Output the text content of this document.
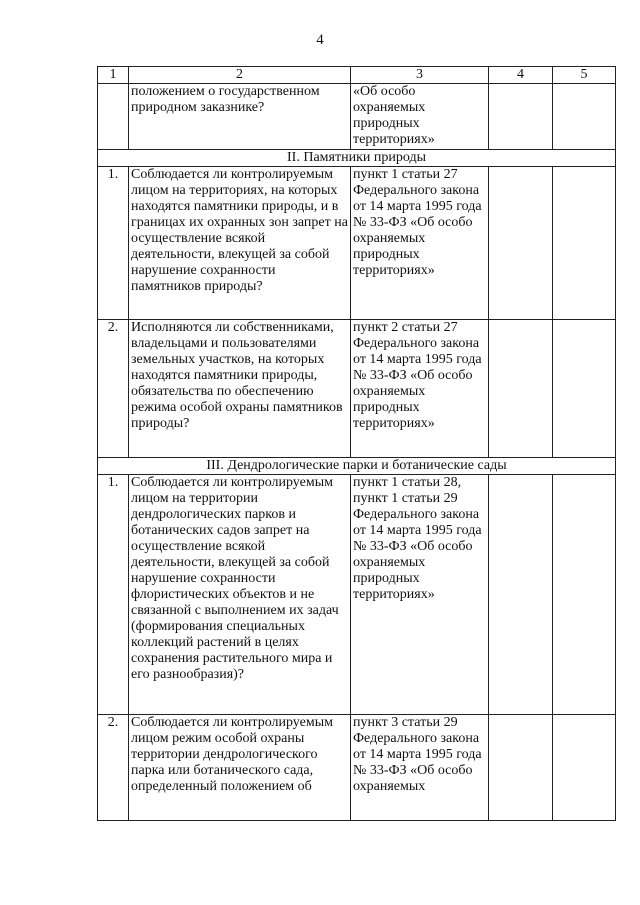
4
1	2	3	4	5
	положением о государственном природном заказнике?	«Об особо охраняемых природных территориях»		
II. Памятники природы				
1.	Соблюдается ли контролируемым лицом на территориях, на которых находятся памятники природы, и в границах их охранных зон запрет на осуществление всякой деятельности, влекущей за собой нарушение сохранности памятников природы?	пункт 1 статьи 27 Федерального закона от 14 марта 1995 года № 33-ФЗ «Об особо охраняемых природных территориях»		
2.	Исполняются ли собственниками, владельцами и пользователями земельных участков, на которых находятся памятники природы, обязательства по обеспечению режима особой охраны памятников природы?	пункт 2 статьи 27 Федерального закона от 14 марта 1995 года № 33-ФЗ «Об особо охраняемых природных территориях»		
III. Дендрологические парки и ботанические сады				
1.	Соблюдается ли контролируемым лицом на территории дендрологических парков и ботанических садов запрет на осуществление всякой деятельности, влекущей за собой нарушение сохранности флористических объектов и не связанной с выполнением их задач (формирования специальных коллекций растений в целях сохранения растительного мира и его разнообразия)?	пункт 1 статьи 28, пункт 1 статьи 29 Федерального закона от 14 марта 1995 года № 33-ФЗ «Об особо охраняемых природных территориях»		
2.	Соблюдается ли контролируемым лицом режим особой охраны территории дендрологического парка или ботанического сада, определенный положением об	пункт 3 статьи 29 Федерального закона от 14 марта 1995 года № 33-ФЗ «Об особо охраняемых		
